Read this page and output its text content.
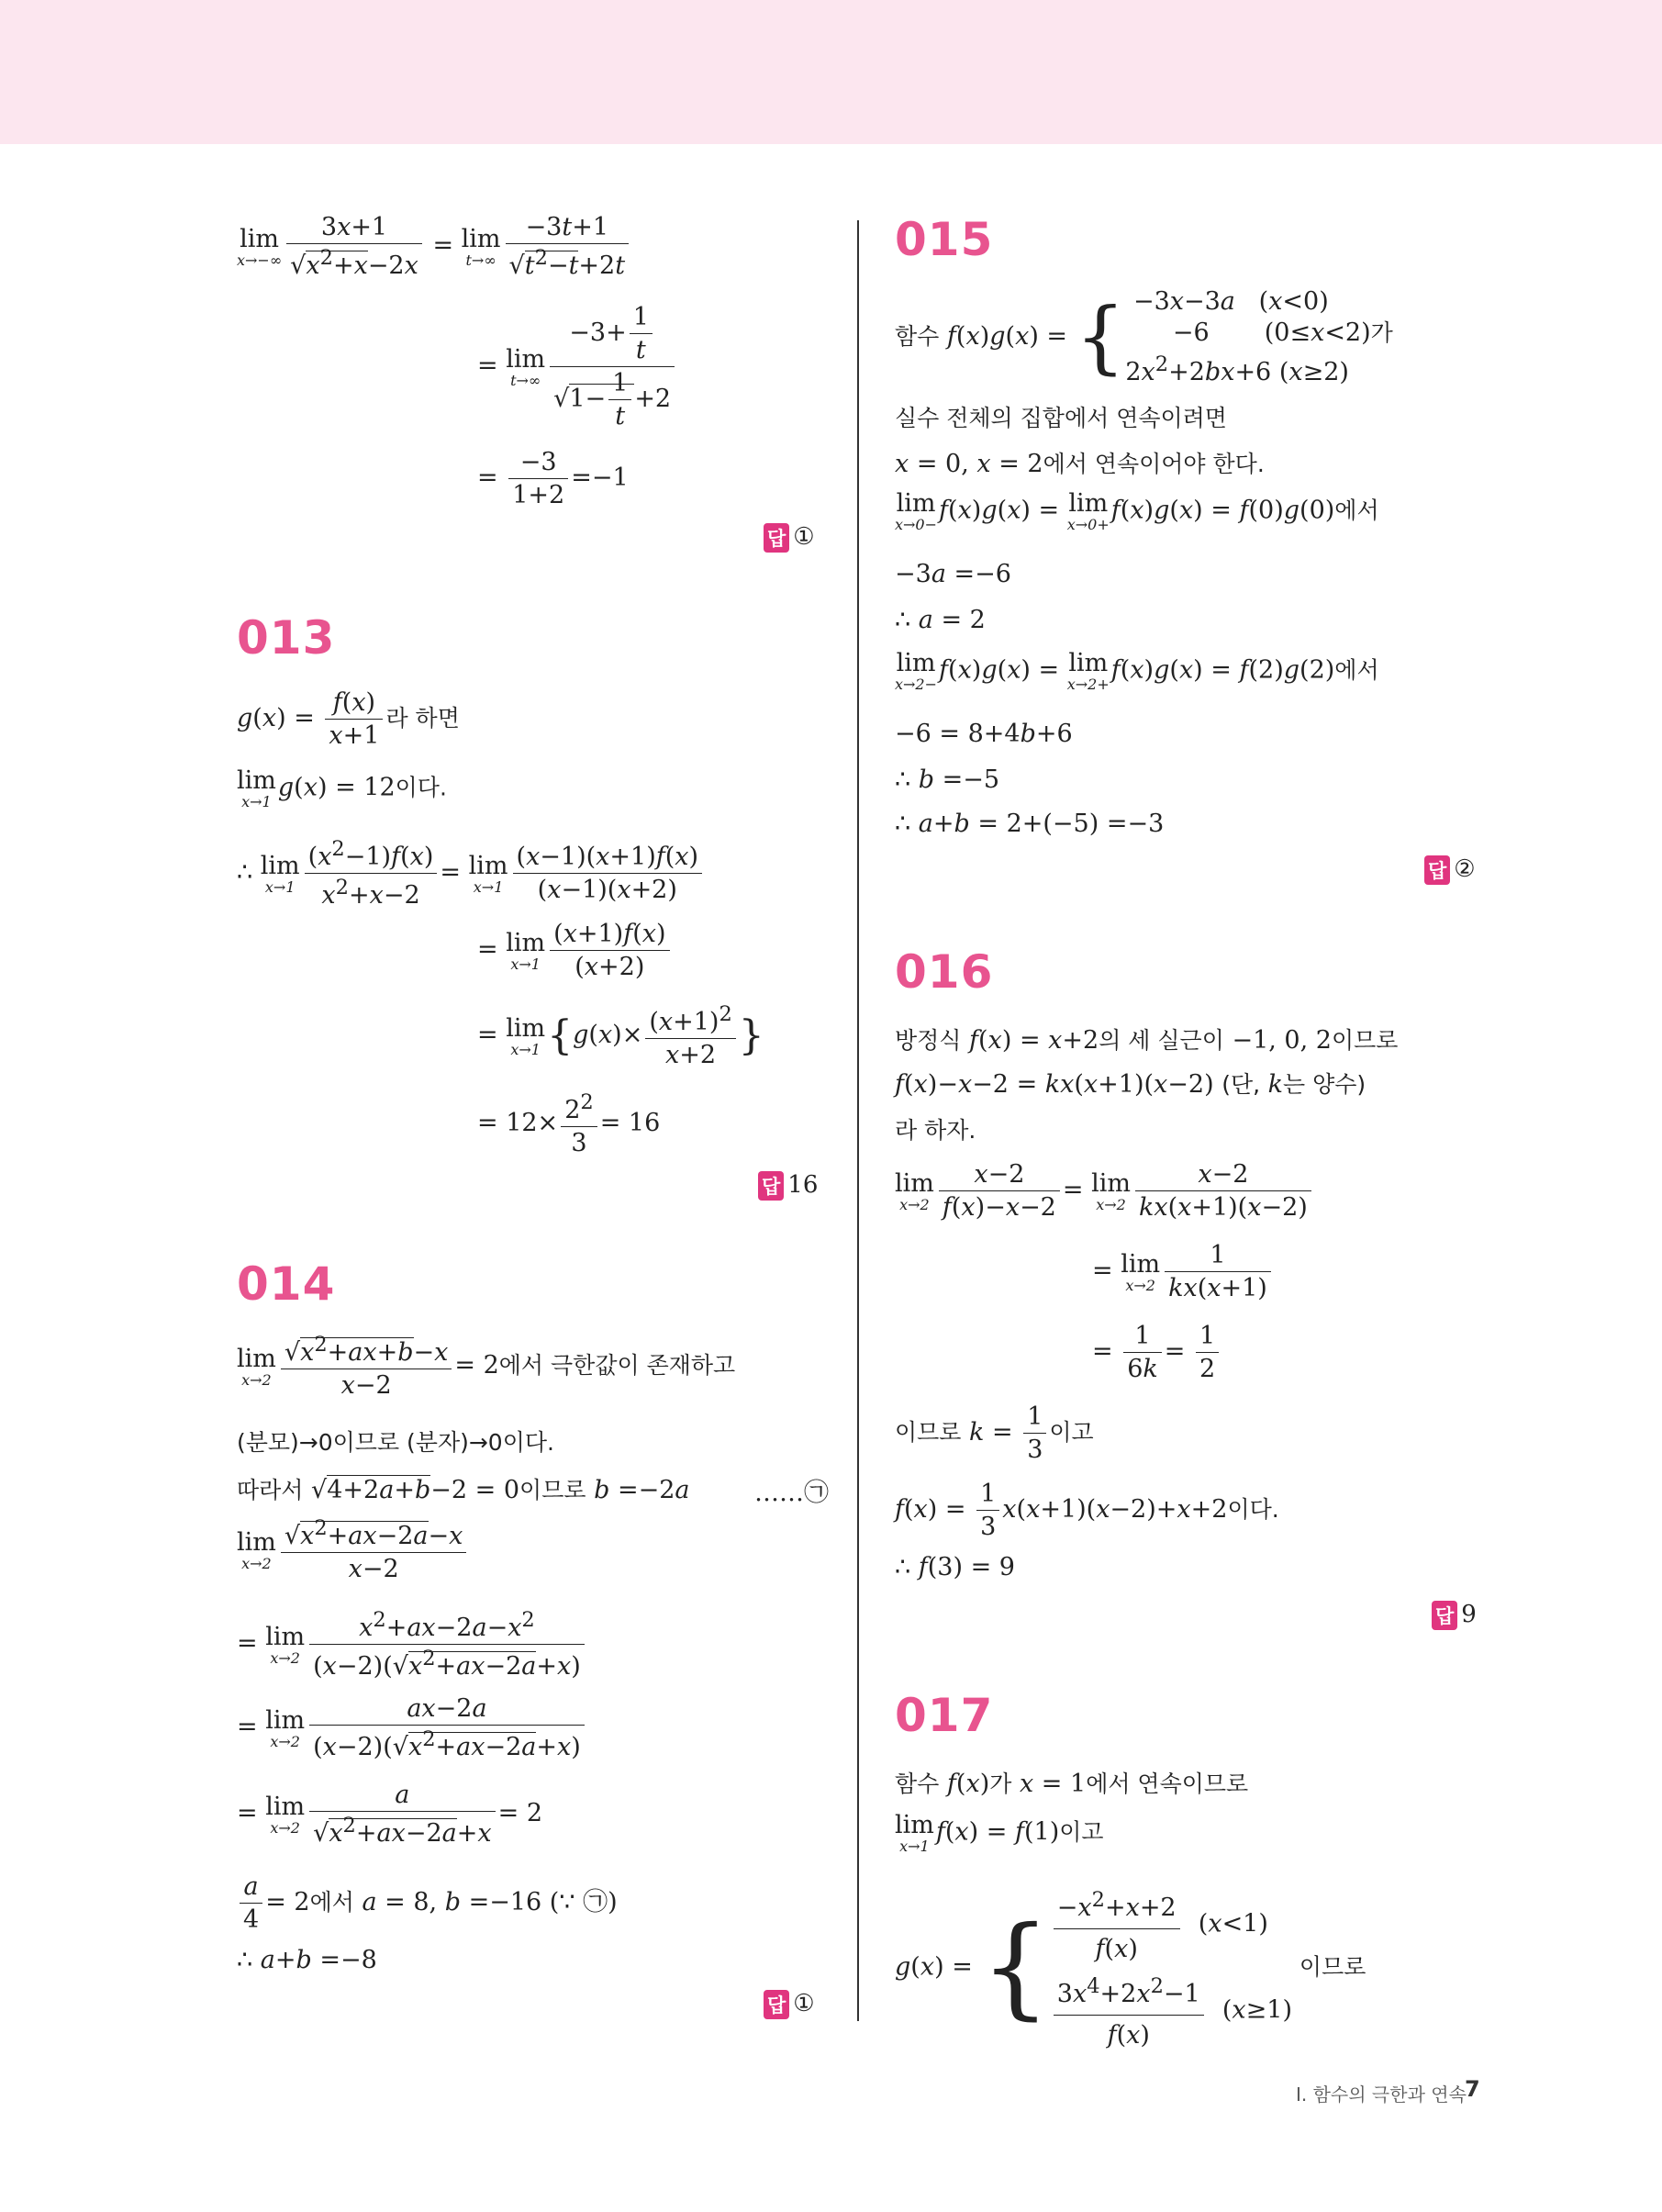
lim
$x\to-\infty \frac{3x+1}{√x^2+x-2x} = \lim$
$t\to\infty \frac{-3t+1}{√t^2-t+2t}$
= lim
$t\to\infty \frac{-3+ \frac{1}{t}}{√1- \frac{1}{t} +2}$
= $\frac{-3}{1+2} =-1$
답 ①
013
$g(x) = \frac{f(x)}{x+1}$ 라 하면
lim
x→1 g(x) = 12이다.
∴ lim
$x\to 1 \frac{(x^2-1)f(x)}{x^2+x-2} = \lim$
$x\to 1 \frac{(x-1)(x+1)f(x)}{(x-1)(x+2)}$
= lim
$x\to 1 \frac{(x+1)f(x)}{(x+2)}$
= lim
x→1 {$g(x)\times \frac{(x+1)^2}{x+2}$ }
= $12\times \frac{2^2}{3} = 16$
답 16
014
lim
$x\to 2 \frac{√x^2+ax+b-x}{x-2} = 2$에서 극한값이 존재하고
(분모)→0이므로 (분자)→0이다.
따라서 √4+2a+b−2 = 0이므로 b =−2a	……㉠
lim
$x\to 2 \frac{√x^2+ax-2a-x}{x-2}$
= lim
$x\to 2 \frac{x^2+ax-2a-x^2}{(x-2)(√x^2+ax-2a+x)}$
= lim
$x\to 2 \frac{ax-2a}{(x-2)(√x^2+ax-2a+x)}$
= lim
$x\to 2 \frac{a}{√x^2+ax-2a+x} = 2$
$\frac{a}{4} = 2$에서 a = 8, b =−16 (∵ ㉠)
∴ a+b =−8
답 ①
015
함수 f(x)g(x) = { −3x−3a   (x<0)
−6       (0≤x<2)가
$2x^2+2bx+6$ (x≥2)
실수 전체의 집합에서 연속이려면
x = 0, x = 2에서 연속이어야 한다.
lim
x→0− f(x)g(x) = lim
x→0+ f(x)g(x) = f(0)g(0)에서
−3a =−6
∴ a = 2
lim
x→2− f(x)g(x) = lim
x→2+ f(x)g(x) = f(2)g(2)에서
−6 = 8+4b+6
∴ b =−5
∴ a+b = 2+(−5) =−3
답 ②
016
방정식 f(x) = x+2의 세 실근이 −1, 0, 2이므로
f(x)−x−2 = kx(x+1)(x−2) (단, k는 양수)
라 하자.
lim
$x\to 2 \frac{x-2}{f(x)-x-2} = \lim$
$x\to 2 \frac{x-2}{kx(x+1)(x-2)}$
= lim
$x\to 2 \frac{1}{kx(x+1)}$
= $\frac{1}{6k} = \frac{1}{2}$
이므로 $k = \frac{1}{3}$ 이고
$f(x) = \frac{1}{3} x(x+1)(x-2)+x+2$이다.
∴ f(3) = 9
답 9
017
함수 f(x)가 x = 1에서 연속이므로
lim
x→1 f(x) = f(1)이고
g(x) = { $\frac{-x^2+x+2}{f(x)} (x<1)$
$\frac{3x^4+2x^2-1}{f(x)} (x\ge 1)$
이므로
Ⅰ. 함수의 극한과 연속
7
